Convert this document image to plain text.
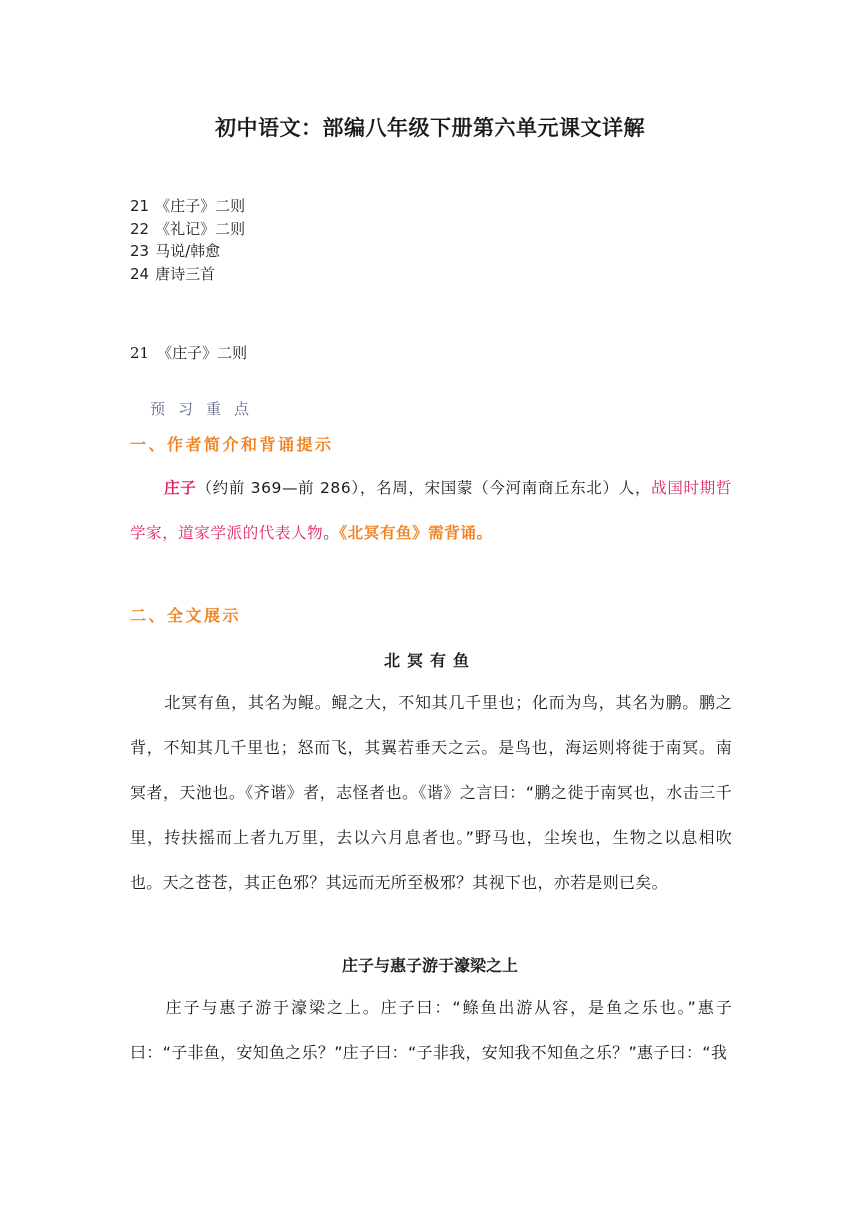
初中语文：部编八年级下册第六单元课文详解
21 《庄子》二则
22 《礼记》二则
23 马说/韩愈
24 唐诗三首
21 《庄子》二则
预习重点
一、作者简介和背诵提示
庄子（约前 369—前 286），名周，宋国蒙（今河南商丘东北）人，战国时期哲学家，道家学派的代表人物。《北冥有鱼》需背诵。
二、全文展示
北冥有鱼
北冥有鱼，其名为鲲。鲲之大，不知其几千里也；化而为鸟，其名为鹏。鹏之背，不知其几千里也；怒而飞，其翼若垂天之云。是鸟也，海运则将徙于南冥。南冥者，天池也。《齐谐》者，志怪者也。《谐》之言曰：“鹏之徙于南冥也，水击三千里，抟扶摇而上者九万里，去以六月息者也。”野马也，尘埃也，生物之以息相吹也。天之苍苍，其正色邪？其远而无所至极邪？其视下也，亦若是则已矣。
庄子与惠子游于濠梁之上
庄子与惠子游于濠梁之上。庄子曰：“鲦鱼出游从容，是鱼之乐也。”惠子曰：“子非鱼，安知鱼之乐？”庄子曰：“子非我，安知我不知鱼之乐？”惠子曰：“我
